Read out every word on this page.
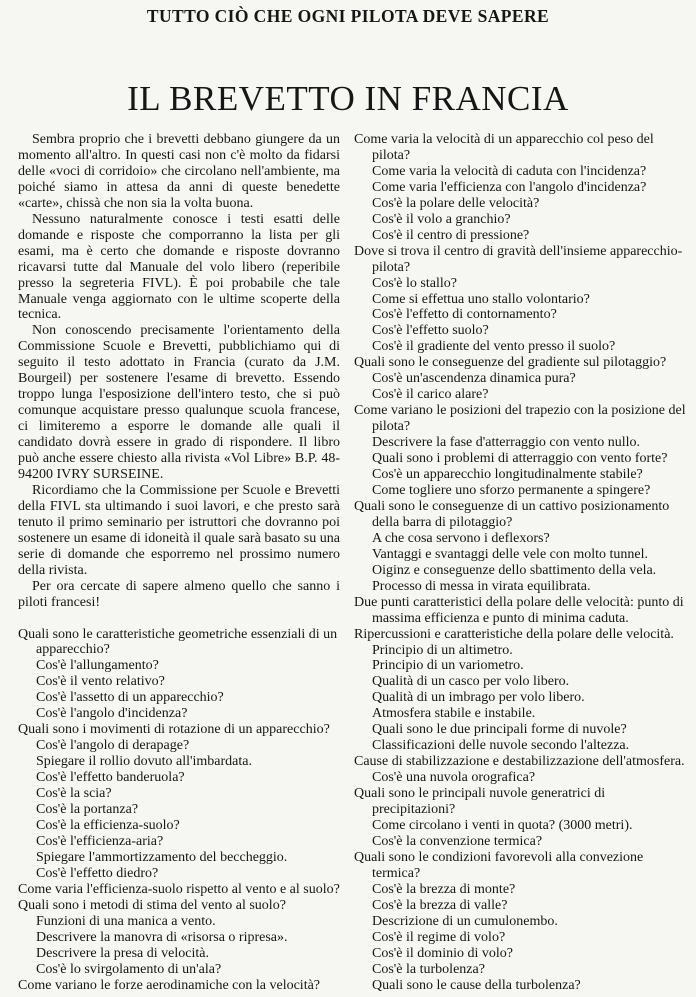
TUTTO CIÒ CHE OGNI PILOTA DEVE SAPERE
IL BREVETTO IN FRANCIA

Sembra proprio che i brevetti debbano giungere da un momento all'altro. In questi casi non c'è molto da fidarsi delle «voci di corridoio» che circolano nell'ambiente, ma poiché siamo in attesa da anni di queste benedette «carte», chissà che non sia la volta buona.

Nessuno naturalmente conosce i testi esatti delle domande e risposte che comporranno la lista per gli esami, ma è certo che domande e risposte dovranno ricavarsi tutte dal Manuale del volo libero (reperibile presso la segreteria FIVL). È poi probabile che tale Manuale venga aggiornato con le ultime scoperte della tecnica.

Non conoscendo precisamente l'orientamento della Commissione Scuole e Brevetti, pubblichiamo qui di seguito il testo adottato in Francia (curato da J.M. Bourgeil) per sostenere l'esame di brevetto. Essendo troppo lunga l'esposizione dell'intero testo, che si può comunque acquistare presso qualunque scuola francese, ci limiteremo a esporre le domande alle quali il candidato dovrà essere in grado di rispondere. Il libro può anche essere chiesto alla rivista «Vol Libre» B.P. 48-94200 IVRY SURSEINE.

Ricordiamo che la Commissione per Scuole e Brevetti della FIVL sta ultimando i suoi lavori, e che presto sarà tenuto il primo seminario per istruttori che dovranno poi sostenere un esame di idoneità il quale sarà basato su una serie di domande che esporremo nel prossimo numero della rivista.

Per ora cercate di sapere almeno quello che sanno i piloti francesi!

Quali sono le caratteristiche geometriche essenziali di un apparecchio?

Cos'è l'allungamento?

Cos'è il vento relativo?

Cos'è l'assetto di un apparecchio?

Cos'è l'angolo d'incidenza?

Quali sono i movimenti di rotazione di un apparecchio?

Cos'è l'angolo di derapage?

Spiegare il rollio dovuto all'imbardata.

Cos'è l'effetto banderuola?

Cos'è la scia?

Cos'è la portanza?

Cos'è la efficienza-suolo?

Cos'è l'efficienza-aria?

Spiegare l'ammortizzamento del beccheggio.

Cos'è l'effetto diedro?

Come varia l'efficienza-suolo rispetto al vento e al suolo?

Quali sono i metodi di stima del vento al suolo?

Funzioni di una manica a vento.

Descrivere la manovra di «risorsa o ripresa».

Descrivere la presa di velocità.

Cos'è lo svirgolamento di un'ala?

Come variano le forze aerodinamiche con la velocità?

Come varia la velocità di un apparecchio col peso del pilota?

Come varia la velocità di caduta con l'incidenza?

Come varia l'efficienza con l'angolo d'incidenza?

Cos'è la polare delle velocità?

Cos'è il volo a granchio?

Cos'è il centro di pressione?

Dove si trova il centro di gravità dell'insieme apparecchio-pilota?

Cos'è lo stallo?

Come si effettua uno stallo volontario?

Cos'è l'effetto di contornamento?

Cos'è l'effetto suolo?

Cos'è il gradiente del vento presso il suolo?

Quali sono le conseguenze del gradiente sul pilotaggio?

Cos'è un'ascendenza dinamica pura?

Cos'è il carico alare?

Come variano le posizioni del trapezio con la posizione del pilota?

Descrivere la fase d'atterraggio con vento nullo.

Quali sono i problemi di atterraggio con vento forte?

Cos'è un apparecchio longitudinalmente stabile?

Come togliere uno sforzo permanente a spingere?

Quali sono le conseguenze di un cattivo posizionamento della barra di pilotaggio?

A che cosa servono i deflexors?

Vantaggi e svantaggi delle vele con molto tunnel.

Oiginz e conseguenze dello sbattimento della vela.

Processo di messa in virata equilibrata.

Due punti caratteristici della polare delle velocità: punto di massima efficienza e punto di minima caduta.

Ripercussioni e caratteristiche della polare delle velocità.

Principio di un altimetro.

Principio di un variometro.

Qualità di un casco per volo libero.

Qualità di un imbrago per volo libero.

Atmosfera stabile e instabile.

Quali sono le due principali forme di nuvole?

Classificazioni delle nuvole secondo l'altezza.

Cause di stabilizzazione e destabilizzazione dell'atmosfera.

Cos'è una nuvola orografica?

Quali sono le principali nuvole generatrici di precipitazioni?

Come circolano i venti in quota? (3000 metri).

Cos'è la convenzione termica?

Quali sono le condizioni favorevoli alla convezione termica?

Cos'è la brezza di monte?

Cos'è la brezza di valle?

Descrizione di un cumulonembo.

Cos'è il regime di volo?

Cos'è il dominio di volo?

Cos'è la turbolenza?

Quali sono le cause della turbolenza?
